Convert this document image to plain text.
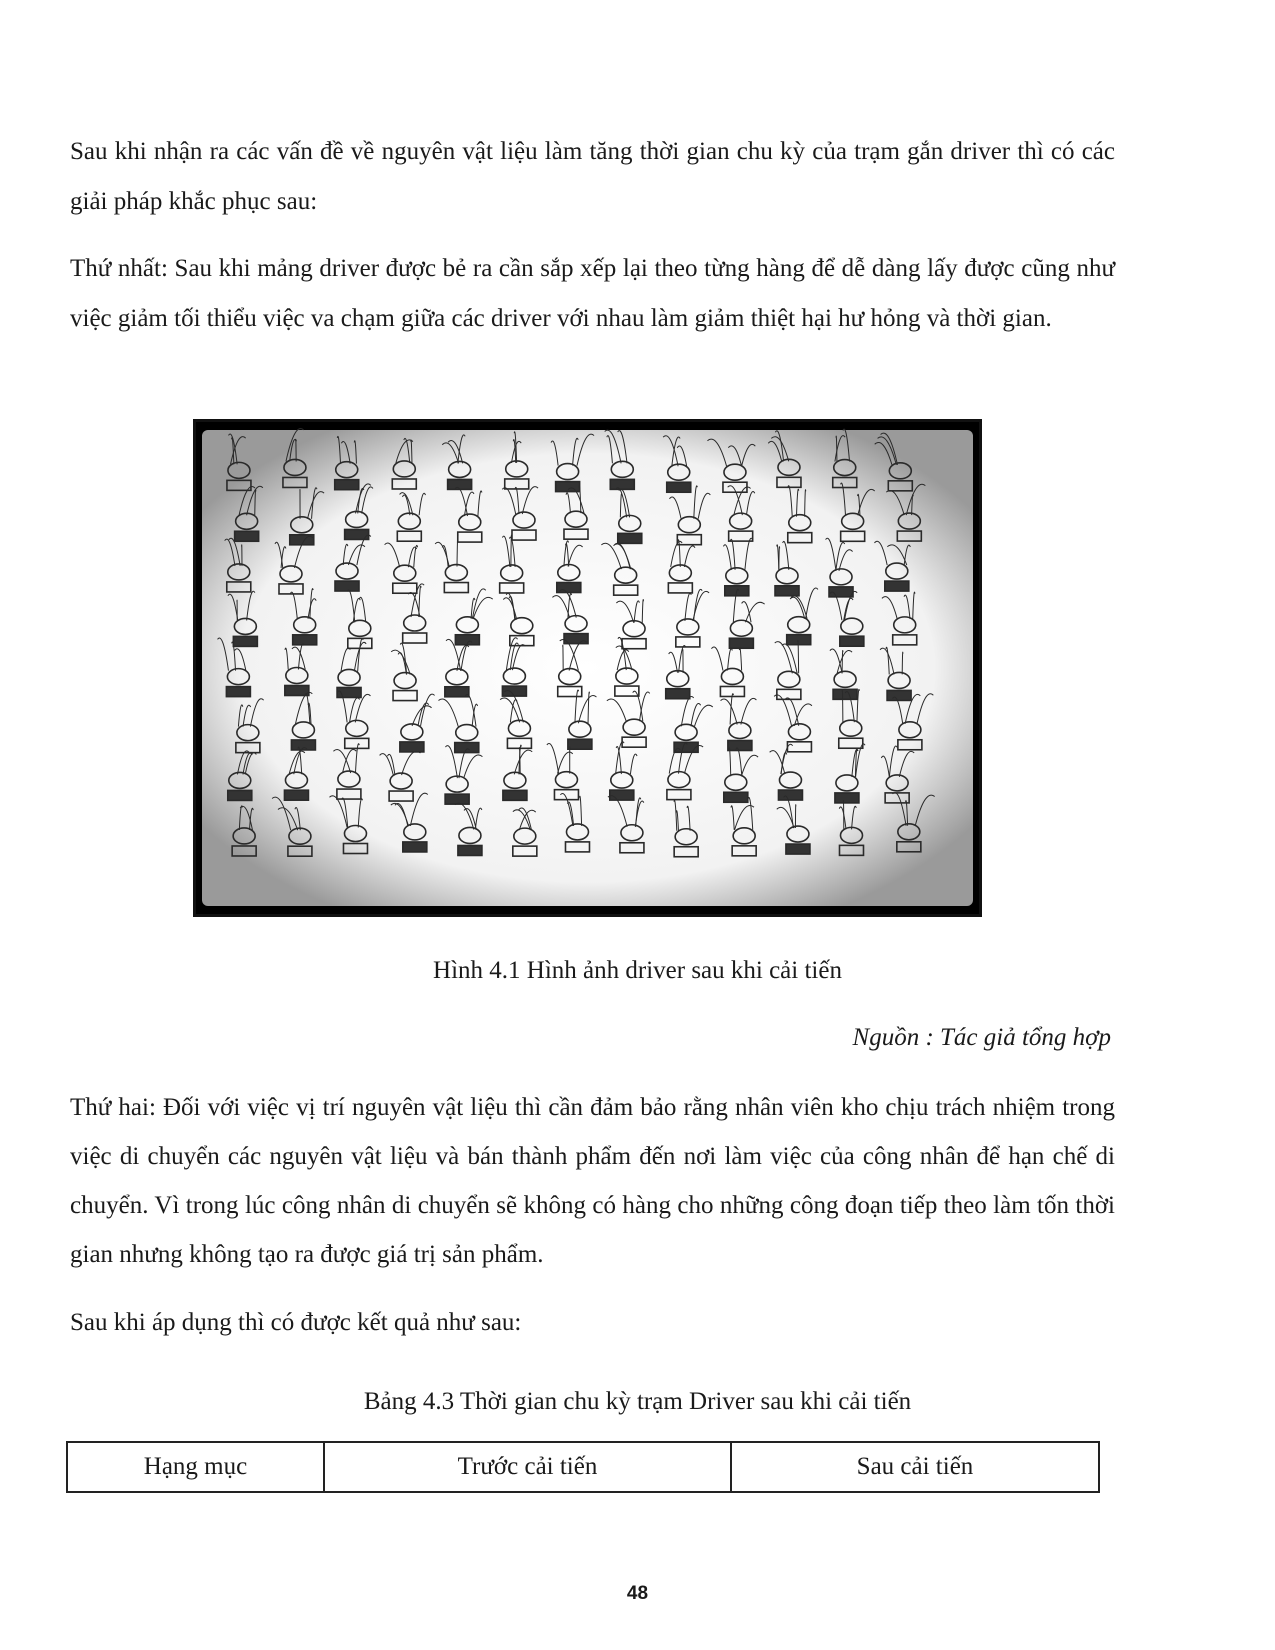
Sau khi nhận ra các vấn đề về nguyên vật liệu làm tăng thời gian chu kỳ của trạm gắn driver thì có các giải pháp khắc phục sau:

Thứ nhất: Sau khi mảng driver được bẻ ra cần sắp xếp lại theo từng hàng để dễ dàng lấy được cũng như việc giảm tối thiểu việc va chạm giữa các driver với nhau làm giảm thiệt hại hư hỏng và thời gian.

Hình 4.1 Hình ảnh driver sau khi cải tiến

Nguồn : Tác giả tổng hợp

Thứ hai: Đối với việc vị trí nguyên vật liệu thì cần đảm bảo rằng nhân viên kho chịu trách nhiệm trong việc di chuyển các nguyên vật liệu và bán thành phẩm đến nơi làm việc của công nhân để hạn chế di chuyển. Vì trong lúc công nhân di chuyển sẽ không có hàng cho những công đoạn tiếp theo làm tốn thời gian nhưng không tạo ra được giá trị sản phẩm.

Sau khi áp dụng thì có được kết quả như sau:

Bảng 4.3 Thời gian chu kỳ trạm Driver sau khi cải tiến

Hạng mục	Trước cải tiến	Sau cải tiến

48
